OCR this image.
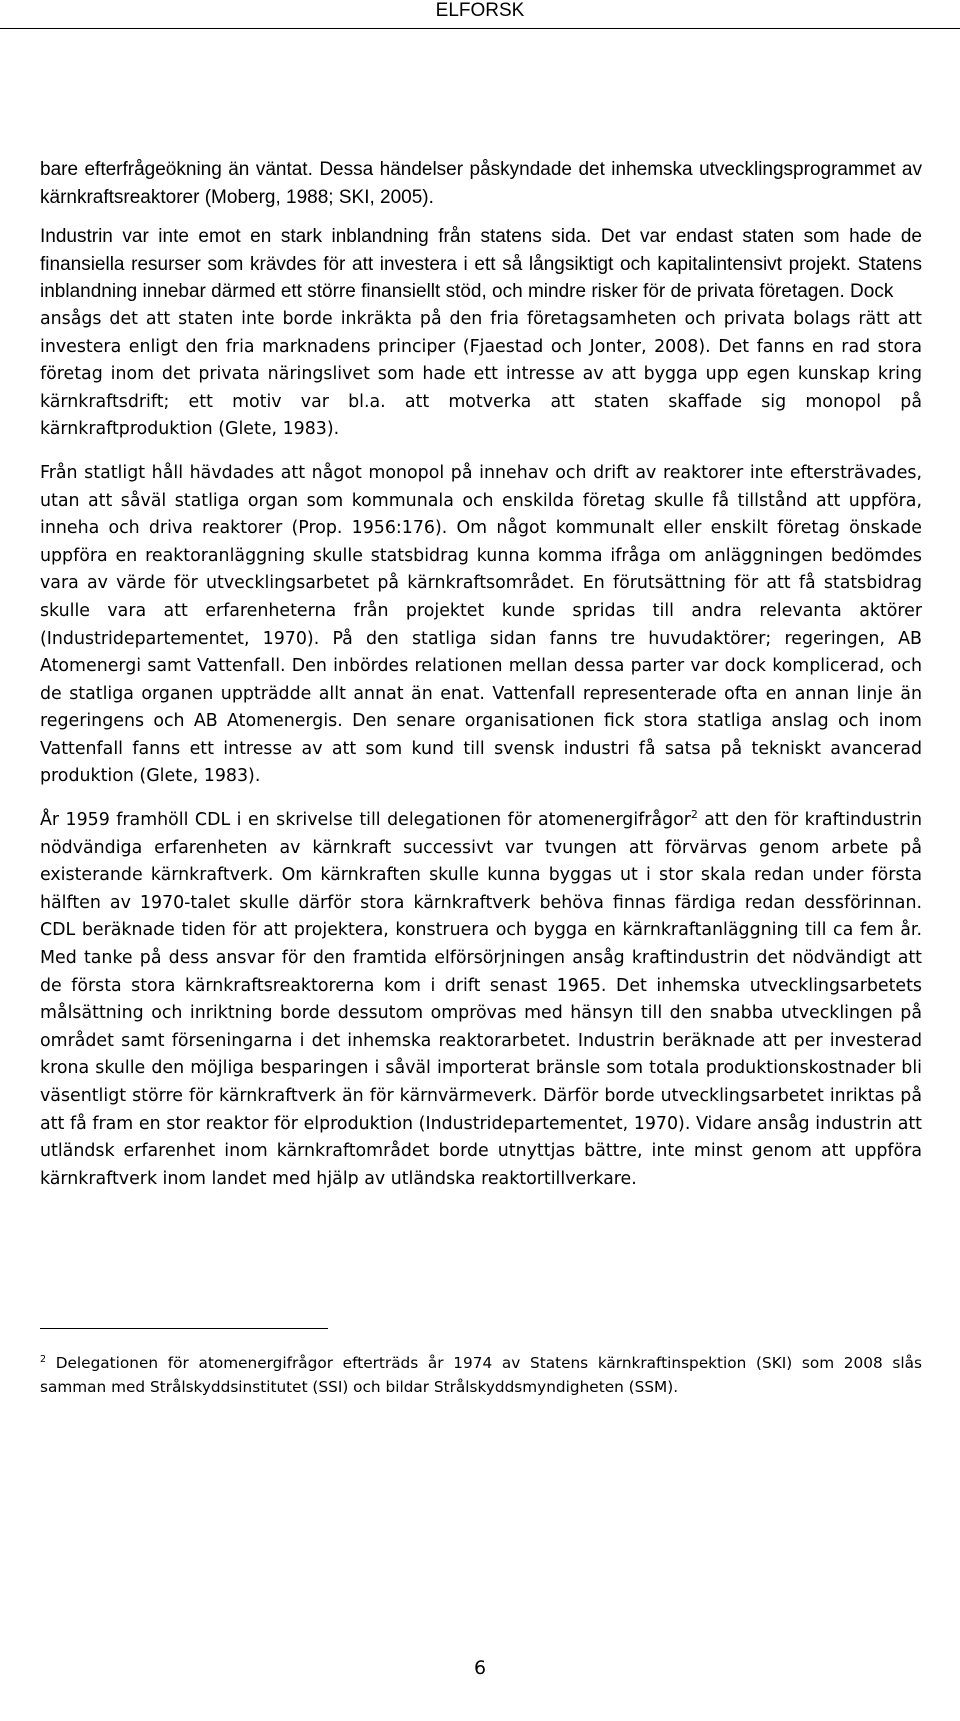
ELFORSK

bare efterfrågeökning än väntat. Dessa händelser påskyndade det inhemska utvecklingsprogrammet av kärnkraftsreaktorer (Moberg, 1988; SKI, 2005).

Industrin var inte emot en stark inblandning från statens sida. Det var endast staten som hade de finansiella resurser som krävdes för att investera i ett så långsiktigt och kapitalintensivt projekt. Statens inblandning innebar därmed ett större finansiellt stöd, och mindre risker för de privata företagen. Dock

ansågs det att staten inte borde inkräkta på den fria företagsamheten och privata bolags rätt att investera enligt den fria marknadens principer (Fjaestad och Jonter, 2008). Det fanns en rad stora företag inom det privata näringslivet som hade ett intresse av att bygga upp egen kunskap kring kärnkraftsdrift; ett motiv var bl.a. att motverka att staten skaffade sig monopol på kärnkraftproduktion (Glete, 1983).

Från statligt håll hävdades att något monopol på innehav och drift av reaktorer inte eftersträvades, utan att såväl statliga organ som kommunala och enskilda företag skulle få tillstånd att uppföra, inneha och driva reaktorer (Prop. 1956:176). Om något kommunalt eller enskilt företag önskade uppföra en reaktoranläggning skulle statsbidrag kunna komma ifråga om anläggningen bedömdes vara av värde för utvecklingsarbetet på kärnkraftsområdet. En förutsättning för att få statsbidrag skulle vara att erfarenheterna från projektet kunde spridas till andra relevanta aktörer (Industridepartementet, 1970). På den statliga sidan fanns tre huvudaktörer; regeringen, AB Atomenergi samt Vattenfall. Den inbördes relationen mellan dessa parter var dock komplicerad, och de statliga organen uppträdde allt annat än enat. Vattenfall representerade ofta en annan linje än regeringens och AB Atomenergis. Den senare organisationen fick stora statliga anslag och inom Vattenfall fanns ett intresse av att som kund till svensk industri få satsa på tekniskt avancerad produktion (Glete, 1983).

År 1959 framhöll CDL i en skrivelse till delegationen för atomenergifrågor$^2$ att den för kraftindustrin nödvändiga erfarenheten av kärnkraft successivt var tvungen att förvärvas genom arbete på existerande kärnkraftverk. Om kärnkraften skulle kunna byggas ut i stor skala redan under första hälften av 1970-talet skulle därför stora kärnkraftverk behöva finnas färdiga redan dessförinnan. CDL beräknade tiden för att projektera, konstruera och bygga en kärnkraftanläggning till ca fem år. Med tanke på dess ansvar för den framtida elförsörjningen ansåg kraftindustrin det nödvändigt att de första stora kärnkraftsreaktorerna kom i drift senast 1965. Det inhemska utvecklingsarbetets målsättning och inriktning borde dessutom omprövas med hänsyn till den snabba utvecklingen på området samt förseningarna i det inhemska reaktorarbetet. Industrin beräknade att per investerad krona skulle den möjliga besparingen i såväl importerat bränsle som totala produktionskostnader bli väsentligt större för kärnkraftverk än för kärnvärmeverk. Därför borde utvecklingsarbetet inriktas på att få fram en stor reaktor för elproduktion (Industridepartementet, 1970). Vidare ansåg industrin att utländsk erfarenhet inom kärnkraftområdet borde utnyttjas bättre, inte minst genom att uppföra kärnkraftverk inom landet med hjälp av utländska reaktortillverkare.

$^2$ Delegationen för atomenergifrågor efterträds år 1974 av Statens kärnkraftinspektion (SKI) som 2008 slås samman med Strålskyddsinstitutet (SSI) och bildar Strålskyddsmyndigheten (SSM).

6
